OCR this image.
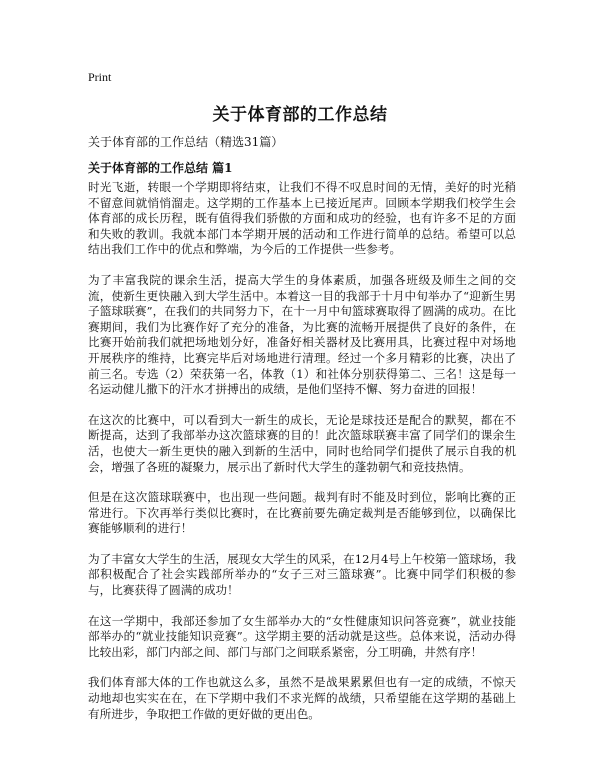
Print
关于体育部的工作总结

关于体育部的工作总结（精选31篇）

关于体育部的工作总结 篇1

时光飞逝，转眼一个学期即将结束，让我们不得不叹息时间的无情，美好的时光稍不留意间就悄悄溜走。这学期的工作基本上已接近尾声。回顾本学期我们校学生会体育部的成长历程，既有值得我们骄傲的方面和成功的经验，也有许多不足的方面和失败的教训。我就本部门本学期开展的活动和工作进行简单的总结。希望可以总结出我们工作中的优点和弊端，为今后的工作提供一些参考。

为了丰富我院的课余生活，提高大学生的身体素质，加强各班级及师生之间的交流，使新生更快融入到大学生活中。本着这一目的我部于十月中旬举办了“迎新生男子篮球联赛”，在我们的共同努力下，在十一月中旬篮球赛取得了圆满的成功。在比赛期间，我们为比赛作好了充分的准备，为比赛的流畅开展提供了良好的条件，在比赛开始前我们就把场地划分好，准备好相关器材及比赛用具，比赛过程中对场地开展秩序的维持，比赛完毕后对场地进行清理。经过一个多月精彩的比赛，决出了前三名。专选（2）荣获第一名，体教（1）和社体分别获得第二、三名！这是每一名运动健儿撒下的汗水才拼搏出的成绩，是他们坚持不懈、努力奋进的回报！

在这次的比赛中，可以看到大一新生的成长，无论是球技还是配合的默契，都在不断提高，达到了我部举办这次篮球赛的目的！此次篮球联赛丰富了同学们的课余生活，也使大一新生更快的融入到新的生活中，同时也给同学们提供了展示自我的机会，增强了各班的凝聚力，展示出了新时代大学生的蓬勃朝气和竞技热情。

但是在这次篮球联赛中，也出现一些问题。裁判有时不能及时到位，影响比赛的正常进行。下次再举行类似比赛时，在比赛前要先确定裁判是否能够到位，以确保比赛能够顺利的进行！

为了丰富女大学生的生活，展现女大学生的风采，在12月4号上午校第一篮球场，我部积极配合了社会实践部所举办的“女子三对三篮球赛”。比赛中同学们积极的参与，比赛获得了圆满的成功！

在这一学期中，我部还参加了女生部举办大的“女性健康知识问答竞赛”，就业技能部举办的“就业技能知识竞赛”。这学期主要的活动就是这些。总体来说，活动办得比较出彩，部门内部之间、部门与部门之间联系紧密，分工明确，井然有序！

我们体育部大体的工作也就这么多，虽然不是战果累累但也有一定的成绩，不惊天动地却也实实在在，在下学期中我们不求光辉的战绩，只希望能在这学期的基础上有所进步，争取把工作做的更好做的更出色。
